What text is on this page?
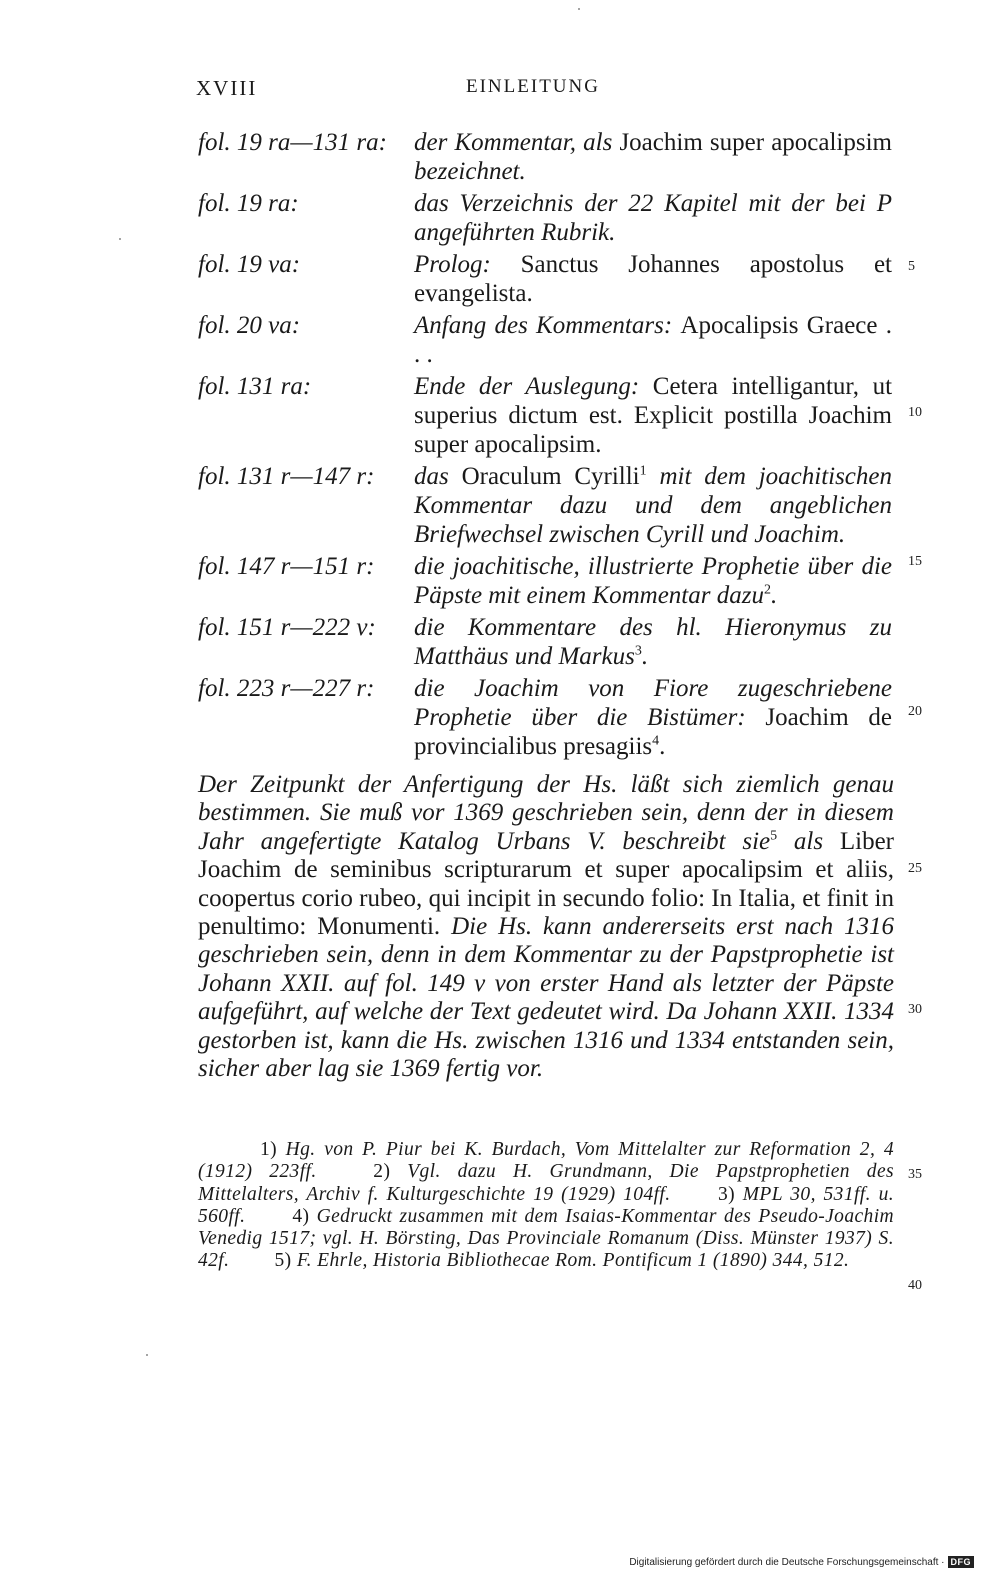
XVIII	EINLEITUNG
fol. 19 ra—131 ra:	der Kommentar, als Joachim super apocalipsim bezeichnet.
fol. 19 ra:	das Verzeichnis der 22 Kapitel mit der bei P angeführten Rubrik.
fol. 19 va:	Prolog: Sanctus Johannes apostolus et evangelista.
fol. 20 va:	Anfang des Kommentars: Apocalipsis Graece . . .
fol. 131 ra:	Ende der Auslegung: Cetera intelligantur, ut superius dictum est. Explicit postilla Joachim super apocalipsim.
fol. 131 r—147 r:	das Oraculum Cyrilli$^1$ mit dem joachitischen Kommentar dazu und dem angeblichen Briefwechsel zwischen Cyrill und Joachim.
fol. 147 r—151 r:	die joachitische, illustrierte Prophetie über die Päpste mit einem Kommentar dazu$^2$.
fol. 151 r—222 v:	die Kommentare des hl. Hieronymus zu Matthäus und Markus$^3$.
fol. 223 r—227 r:	die Joachim von Fiore zugeschriebene Prophetie über die Bistümer: Joachim de provincialibus presagiis$^4$.
Der Zeitpunkt der Anfertigung der Hs. läßt sich ziemlich genau bestimmen. Sie muß vor 1369 geschrieben sein, denn der in diesem Jahr angefertigte Katalog Urbans V. beschreibt sie$^5$ als Liber Joachim de seminibus scripturarum et super apocalipsim et aliis, coopertus corio rubeo, qui incipit in secundo folio: In Italia, et finit in penultimo: Monumenti. Die Hs. kann andererseits erst nach 1316 geschrieben sein, denn in dem Kommentar zu der Papstprophetie ist Johann XXII. auf fol. 149 v von erster Hand als letzter der Päpste aufgeführt, auf welche der Text gedeutet wird. Da Johann XXII. 1334 gestorben ist, kann die Hs. zwischen 1316 und 1334 entstanden sein, sicher aber lag sie 1369 fertig vor.
1) Hg. von P. Piur bei K. Burdach, Vom Mittelalter zur Reformation 2, 4 (1912) 223ff.  	2) Vgl. dazu H. Grundmann, Die Papstprophetien des Mittelalters, Archiv f. Kulturgeschichte 19 (1929) 104ff.   3) MPL 30, 531ff. u. 560ff.   4) Gedruckt zusammen mit dem Isaias-Kommentar des Pseudo-Joachim Venedig 1517; vgl. H. Börsting, Das Provinciale Romanum (Diss. Münster 1937) S. 42f.   5) F. Ehrle, Historia Bibliothecae Rom. Pontificum 1 (1890) 344, 512.
5
10
15
20
25
30
35
40
Digitalisierung gefördert durch die Deutsche Forschungsgemeinschaft · DFG
